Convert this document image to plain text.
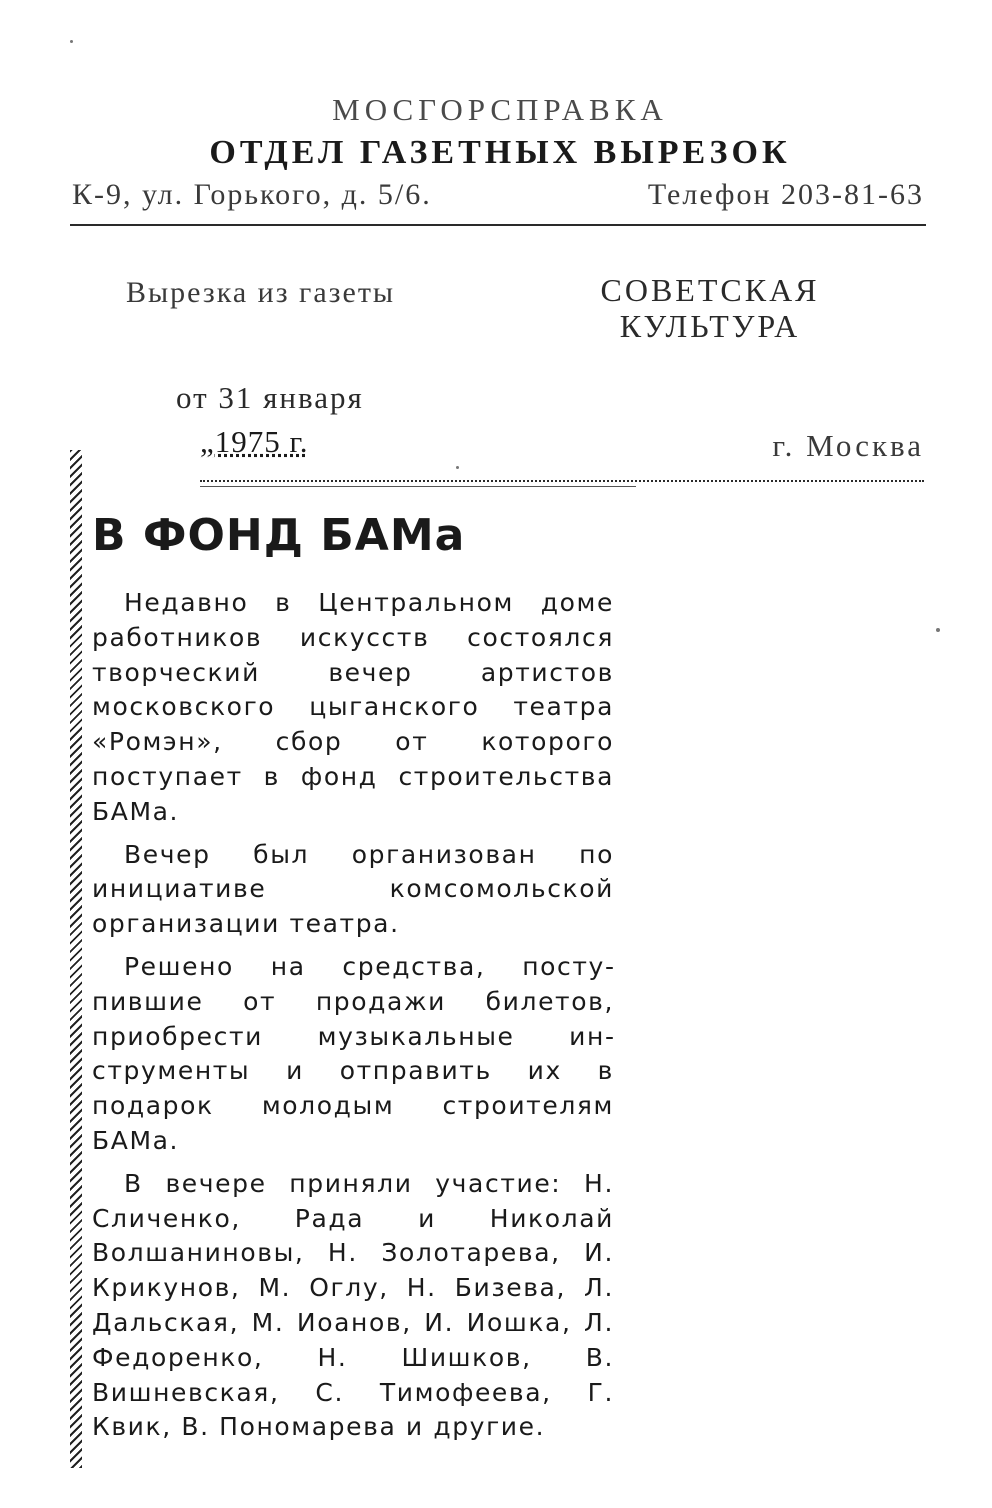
МОСГОРСПРАВКА
ОТДЕЛ ГАЗЕТНЫХ ВЫРЕЗОК
К-9, ул. Горького, д. 5/6.	Телефон 203-81-63
Вырезка из газеты	СОВЕТСКАЯ КУЛЬТУРА
от 31 января
„1975 г.	г. Москва
В ФОНД БАМа

Недавно в Центральном доме работников искусств состоялся творческий вечер артистов московского цыганского театра «Ромэн», сбор от которого поступает в фонд строительства БАМа.

Вечер был организован по инициативе комсомольской организации театра.

Решено на средства, поступившие от продажи билетов, приобрести музыкальные инструменты и отправить их в подарок молодым строителям БАМа.

В вечере приняли участие: Н. Сличенко, Рада и Николай Волшаниновы, Н. Золотарева, И. Крикунов, М. Оглу, Н. Бизева, Л. Дальская, М. Иоанов, И. Иошка, Л. Федоренко, Н. Шишков, В. Вишневская, С. Тимофеева, Г. Квик, В. Пономарева и другие.
